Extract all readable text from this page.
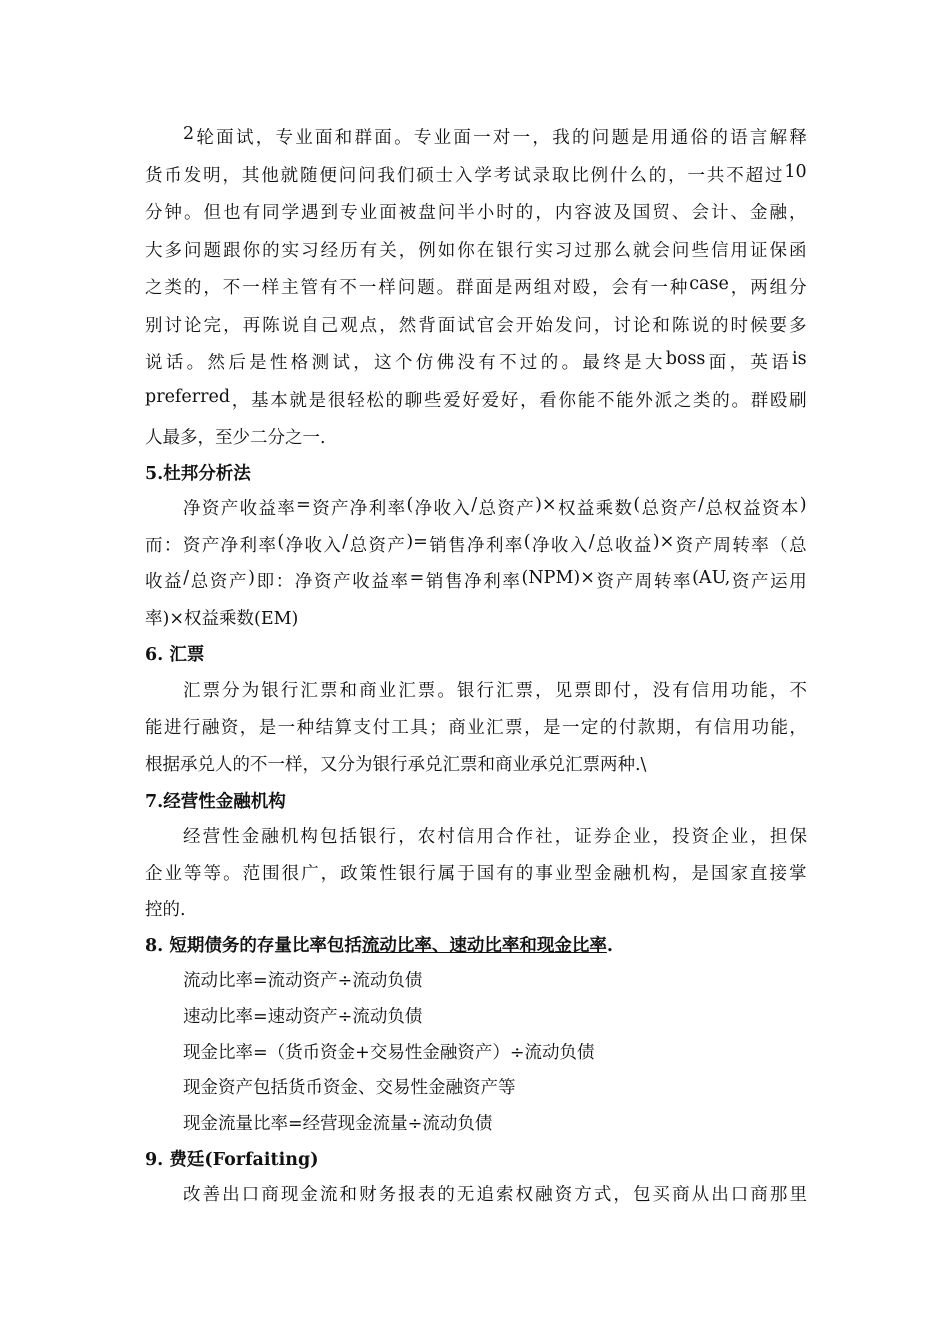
2 轮 面 试 ， 专 业 面 和 群 面 。 专 业 面 一 对 一 ， 我 的 问 题 是 用 通 俗 的 语 言 解 释
货 币 发 明 ， 其 他 就 随 便 问 问 我 们 硕 士 入 学 考 试 录 取 比 例 什 么 的 ， 一 共 不 超 过 10
分 钟 。 但 也 有 同 学 遇 到 专 业 面 被 盘 问 半 小 时 的 ， 内 容 波 及 国 贸 、 会 计 、 金 融 ，
大 多 问 题 跟 你 的 实 习 经 历 有 关 ， 例 如 你 在 银 行 实 习 过 那 么 就 会 问 些 信 用 证 保 函
之 类 的 ， 不 一 样 主 管 有 不 一 样 问 题 。 群 面 是 两 组 对 殴 ， 会 有 一 种 case ， 两 组 分
别 讨 论 完 ， 再 陈 说 自 己 观 点 ， 然 背 面 试 官 会 开 始 发 问 ， 讨 论 和 陈 说 的 时 候 要 多
说 话 。 然 后 是 性 格 测 试 ， 这 个 仿 佛 没 有 不 过 的 。 最 终 是 大 boss 面 ， 英 语 is
preferred ， 基 本 就 是 很 轻 松 的 聊 些 爱 好 爱 好 ， 看 你 能 不 能 外 派 之 类 的 。 群 殴 刷
人最多，至少二分之一.
5.杜邦分析法
净 资 产 收 益 率 = 资 产 净 利 率 ( 净 收 入 / 总 资 产 )× 权 益 乘 数 ( 总 资 产 / 总 权 益 资 本 )
而 ： 资 产 净 利 率 ( 净 收 入 / 总 资 产 )= 销 售 净 利 率 ( 净 收 入 / 总 收 益 )× 资 产 周 转 率 （ 总
收 益 / 总 资 产 ) 即 ： 净 资 产 收 益 率 = 销 售 净 利 率 (NPM)× 资 产 周 转 率 (AU, 资 产 运 用
率)×权益乘数(EM)
6. 汇票
汇 票 分 为 银 行 汇 票 和 商 业 汇 票 。 银 行 汇 票 ， 见 票 即 付 ， 没 有 信 用 功 能 ， 不
能 进 行 融 资 ， 是 一 种 结 算 支 付 工 具 ； 商 业 汇 票 ， 是 一 定 的 付 款 期 ， 有 信 用 功 能 ，
根据承兑人的不一样，又分为银行承兑汇票和商业承兑汇票两种.\
7.经营性金融机构
经 营 性 金 融 机 构 包 括 银 行 ， 农 村 信 用 合 作 社 ， 证 券 企 业 ， 投 资 企 业 ， 担 保
企 业 等 等 。 范 围 很 广 ， 政 策 性 银 行 属 于 国 有 的 事 业 型 金 融 机 构 ， 是 国 家 直 接 掌
控的.
8. 短期债务的存量比率包括流动比率、速动比率和现金比率.
流动比率=流动资产÷流动负债
速动比率=速动资产÷流动负债
现金比率=（货币资金+交易性金融资产）÷流动负债
现金资产包括货币资金、交易性金融资产等
现金流量比率=经营现金流量÷流动负债
9. 费廷(Forfaiting)
改 善 出 口 商 现 金 流 和 财 务 报 表 的 无 追 索 权 融 资 方 式 ， 包 买 商 从 出 口 商 那 里
